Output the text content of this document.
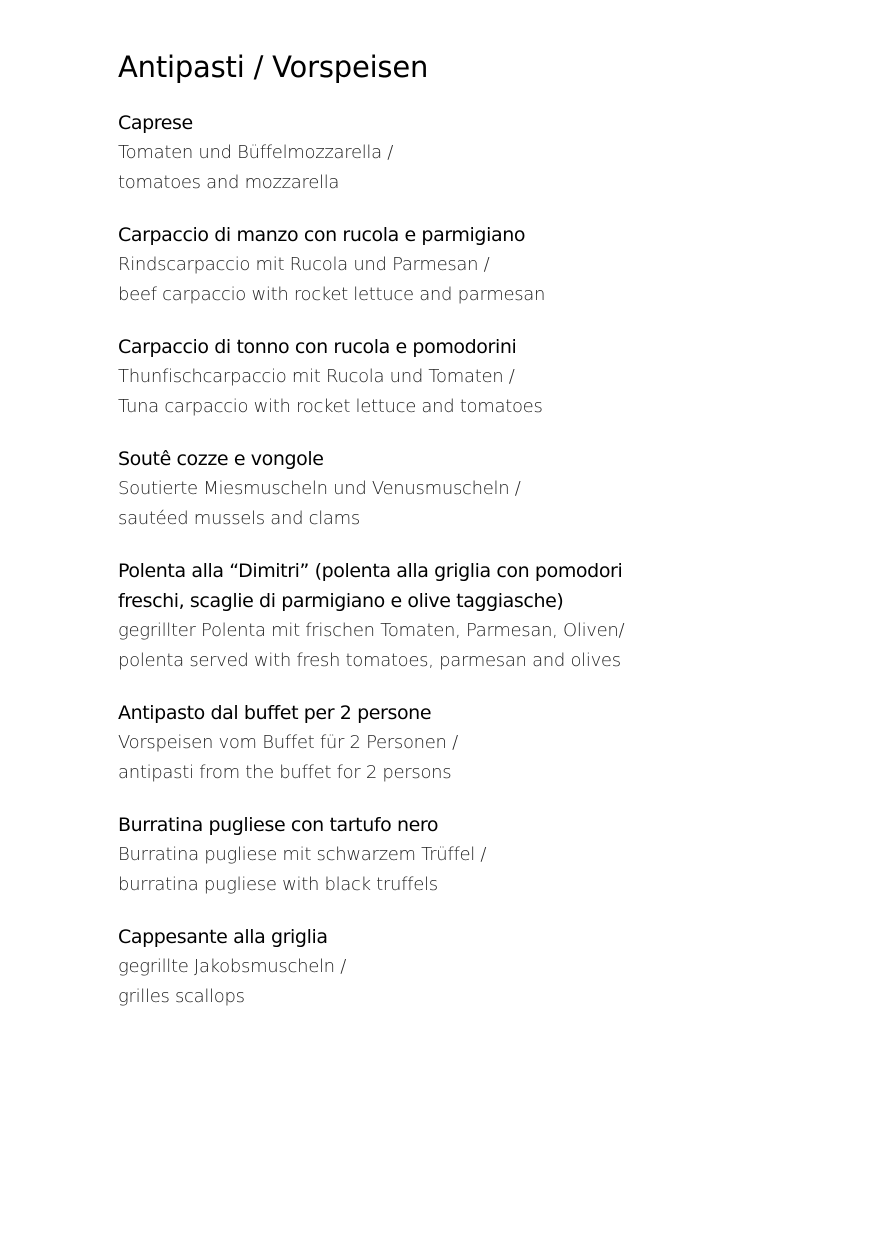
Antipasti / Vorspeisen
Caprese
Tomaten und Büffelmozzarella /
tomatoes and mozzarella
Carpaccio di manzo con rucola e parmigiano
Rindscarpaccio mit Rucola und Parmesan /
beef carpaccio with rocket lettuce and parmesan
Carpaccio di tonno con rucola e pomodorini
Thunfischcarpaccio mit Rucola und Tomaten /
Tuna carpaccio with rocket lettuce and tomatoes
Soutê cozze e vongole
Soutierte Miesmuscheln und Venusmuscheln /
sautéed mussels and clams
Polenta alla “Dimitri” (polenta alla griglia con pomodori
freschi, scaglie di parmigiano e olive taggiasche)
gegrillter Polenta mit frischen Tomaten, Parmesan, Oliven/
polenta served with fresh tomatoes, parmesan and olives
Antipasto dal buffet per 2 persone
Vorspeisen vom Buffet für 2 Personen /
antipasti from the buffet for 2 persons
Burratina pugliese con tartufo nero
Burratina pugliese mit schwarzem Trüffel /
burratina pugliese with black truffels
Cappesante alla griglia
gegrillte Jakobsmuscheln /
grilles scallops
